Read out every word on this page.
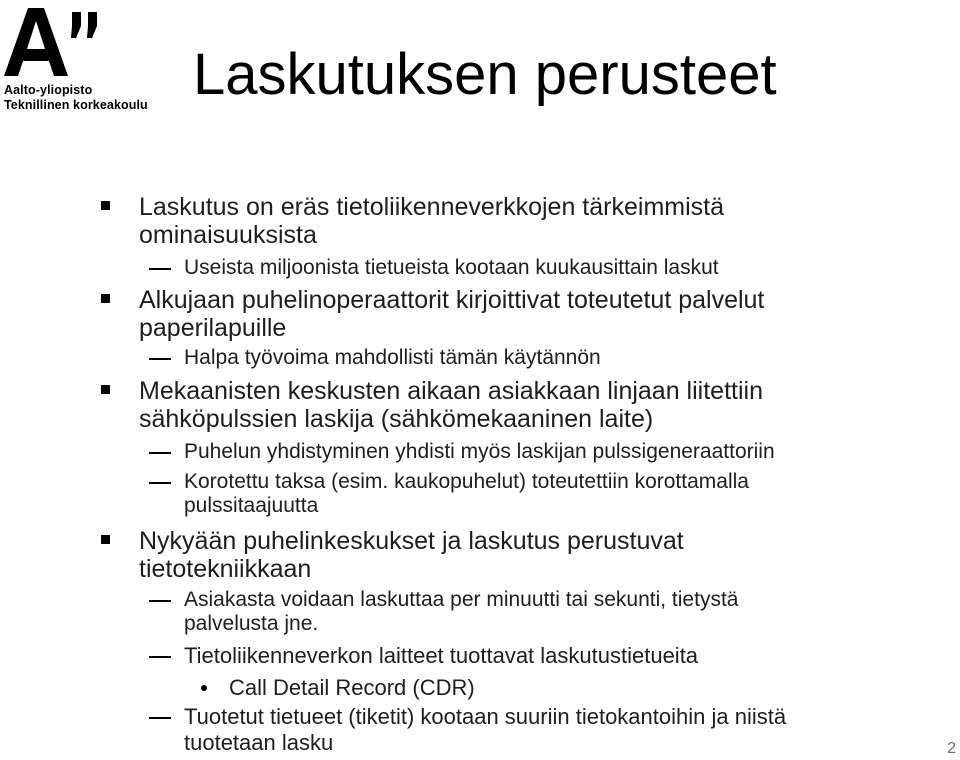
Aalto-yliopisto
Teknillinen korkeakoulu Laskutuksen perusteet
Laskutus on eräs tietoliikenneverkkojen tärkeimmistä
ominaisuuksista
Useista miljoonista tietueista kootaan kuukausittain laskut
Alkujaan puhelinoperaattorit kirjoittivat toteutetut palvelut
paperilapuille
Halpa työvoima mahdollisti tämän käytännön
Mekaanisten keskusten aikaan asiakkaan linjaan liitettiin
sähköpulssien laskija (sähkömekaaninen laite)
Puhelun yhdistyminen yhdisti myös laskijan pulssigeneraattoriin
Korotettu taksa (esim. kaukopuhelut) toteutettiin korottamalla
pulssitaajuutta
Nykyään puhelinkeskukset ja laskutus perustuvat
tietotekniikkaan
Asiakasta voidaan laskuttaa per minuutti tai sekunti, tietystä
palvelusta jne.
Tietoliikenneverkon laitteet tuottavat laskutustietueita
Call Detail Record (CDR)
Tuotetut tietueet (tiketit) kootaan suuriin tietokantoihin ja niistä
tuotetaan lasku	2
